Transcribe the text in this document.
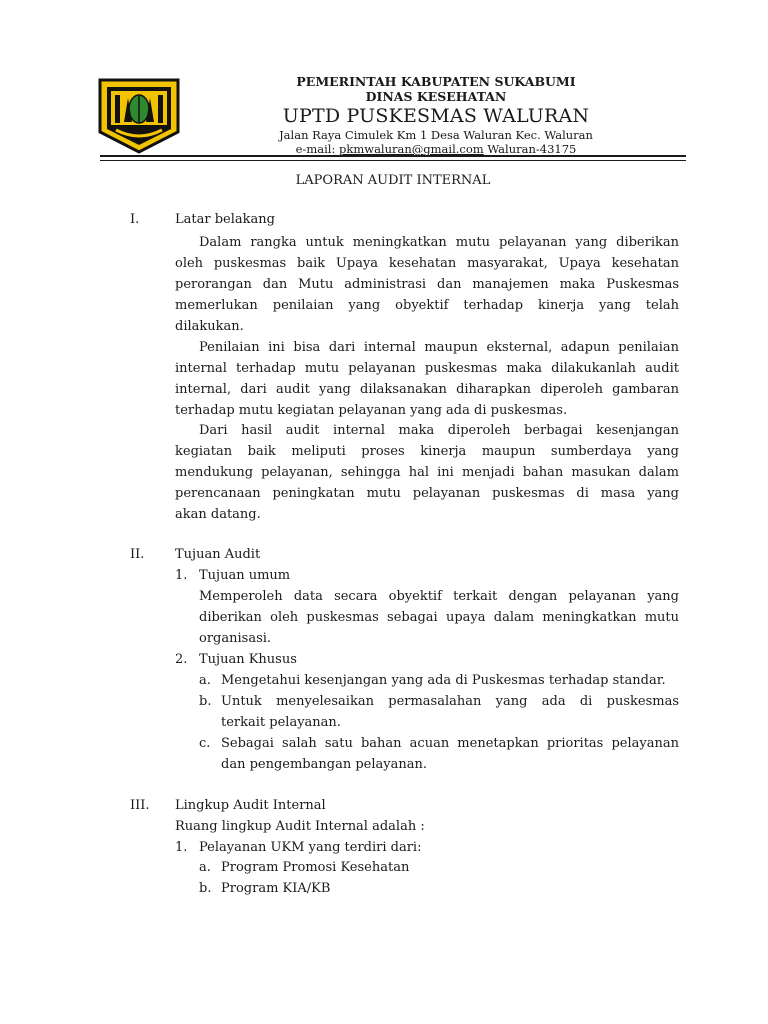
PEMERINTAH KABUPATEN SUKABUMI
DINAS KESEHATAN
UPTD PUSKESMAS WALURAN
Jalan Raya Cimulek Km 1 Desa Waluran Kec. Waluran
e-mail: pkmwaluran@gmail.com Waluran-43175
LAPORAN AUDIT INTERNAL
I.	Latar belakang
Dalam rangka untuk meningkatkan mutu pelayanan yang diberikan
oleh puskesmas baik Upaya kesehatan masyarakat, Upaya kesehatan
perorangan dan Mutu administrasi dan manajemen maka Puskesmas
memerlukan penilaian yang obyektif terhadap kinerja yang telah
dilakukan.
Penilaian ini bisa dari internal maupun eksternal, adapun penilaian
internal terhadap mutu pelayanan puskesmas maka dilakukanlah audit
internal, dari audit yang dilaksanakan diharapkan diperoleh gambaran
terhadap mutu kegiatan pelayanan yang ada di puskesmas.
Dari hasil audit internal maka diperoleh berbagai kesenjangan
kegiatan baik meliputi proses kinerja maupun sumberdaya yang
mendukung pelayanan, sehingga hal ini menjadi bahan masukan dalam
perencanaan peningkatan mutu pelayanan puskesmas di masa yang
akan datang.
II. Tujuan Audit
1. Tujuan umum
Memperoleh data secara obyektif terkait dengan pelayanan yang
diberikan oleh puskesmas sebagai upaya dalam meningkatkan mutu
organisasi.
2. Tujuan Khusus
a. Mengetahui kesenjangan yang ada di Puskesmas terhadap standar.
b. Untuk menyelesaikan permasalahan yang ada di puskesmas
terkait pelayanan.
c. Sebagai salah satu bahan acuan menetapkan prioritas pelayanan
dan pengembangan pelayanan.
III. Lingkup Audit Internal
Ruang lingkup Audit Internal adalah :
1. Pelayanan UKM yang terdiri dari:
a. Program Promosi Kesehatan
b. Program KIA/KB
